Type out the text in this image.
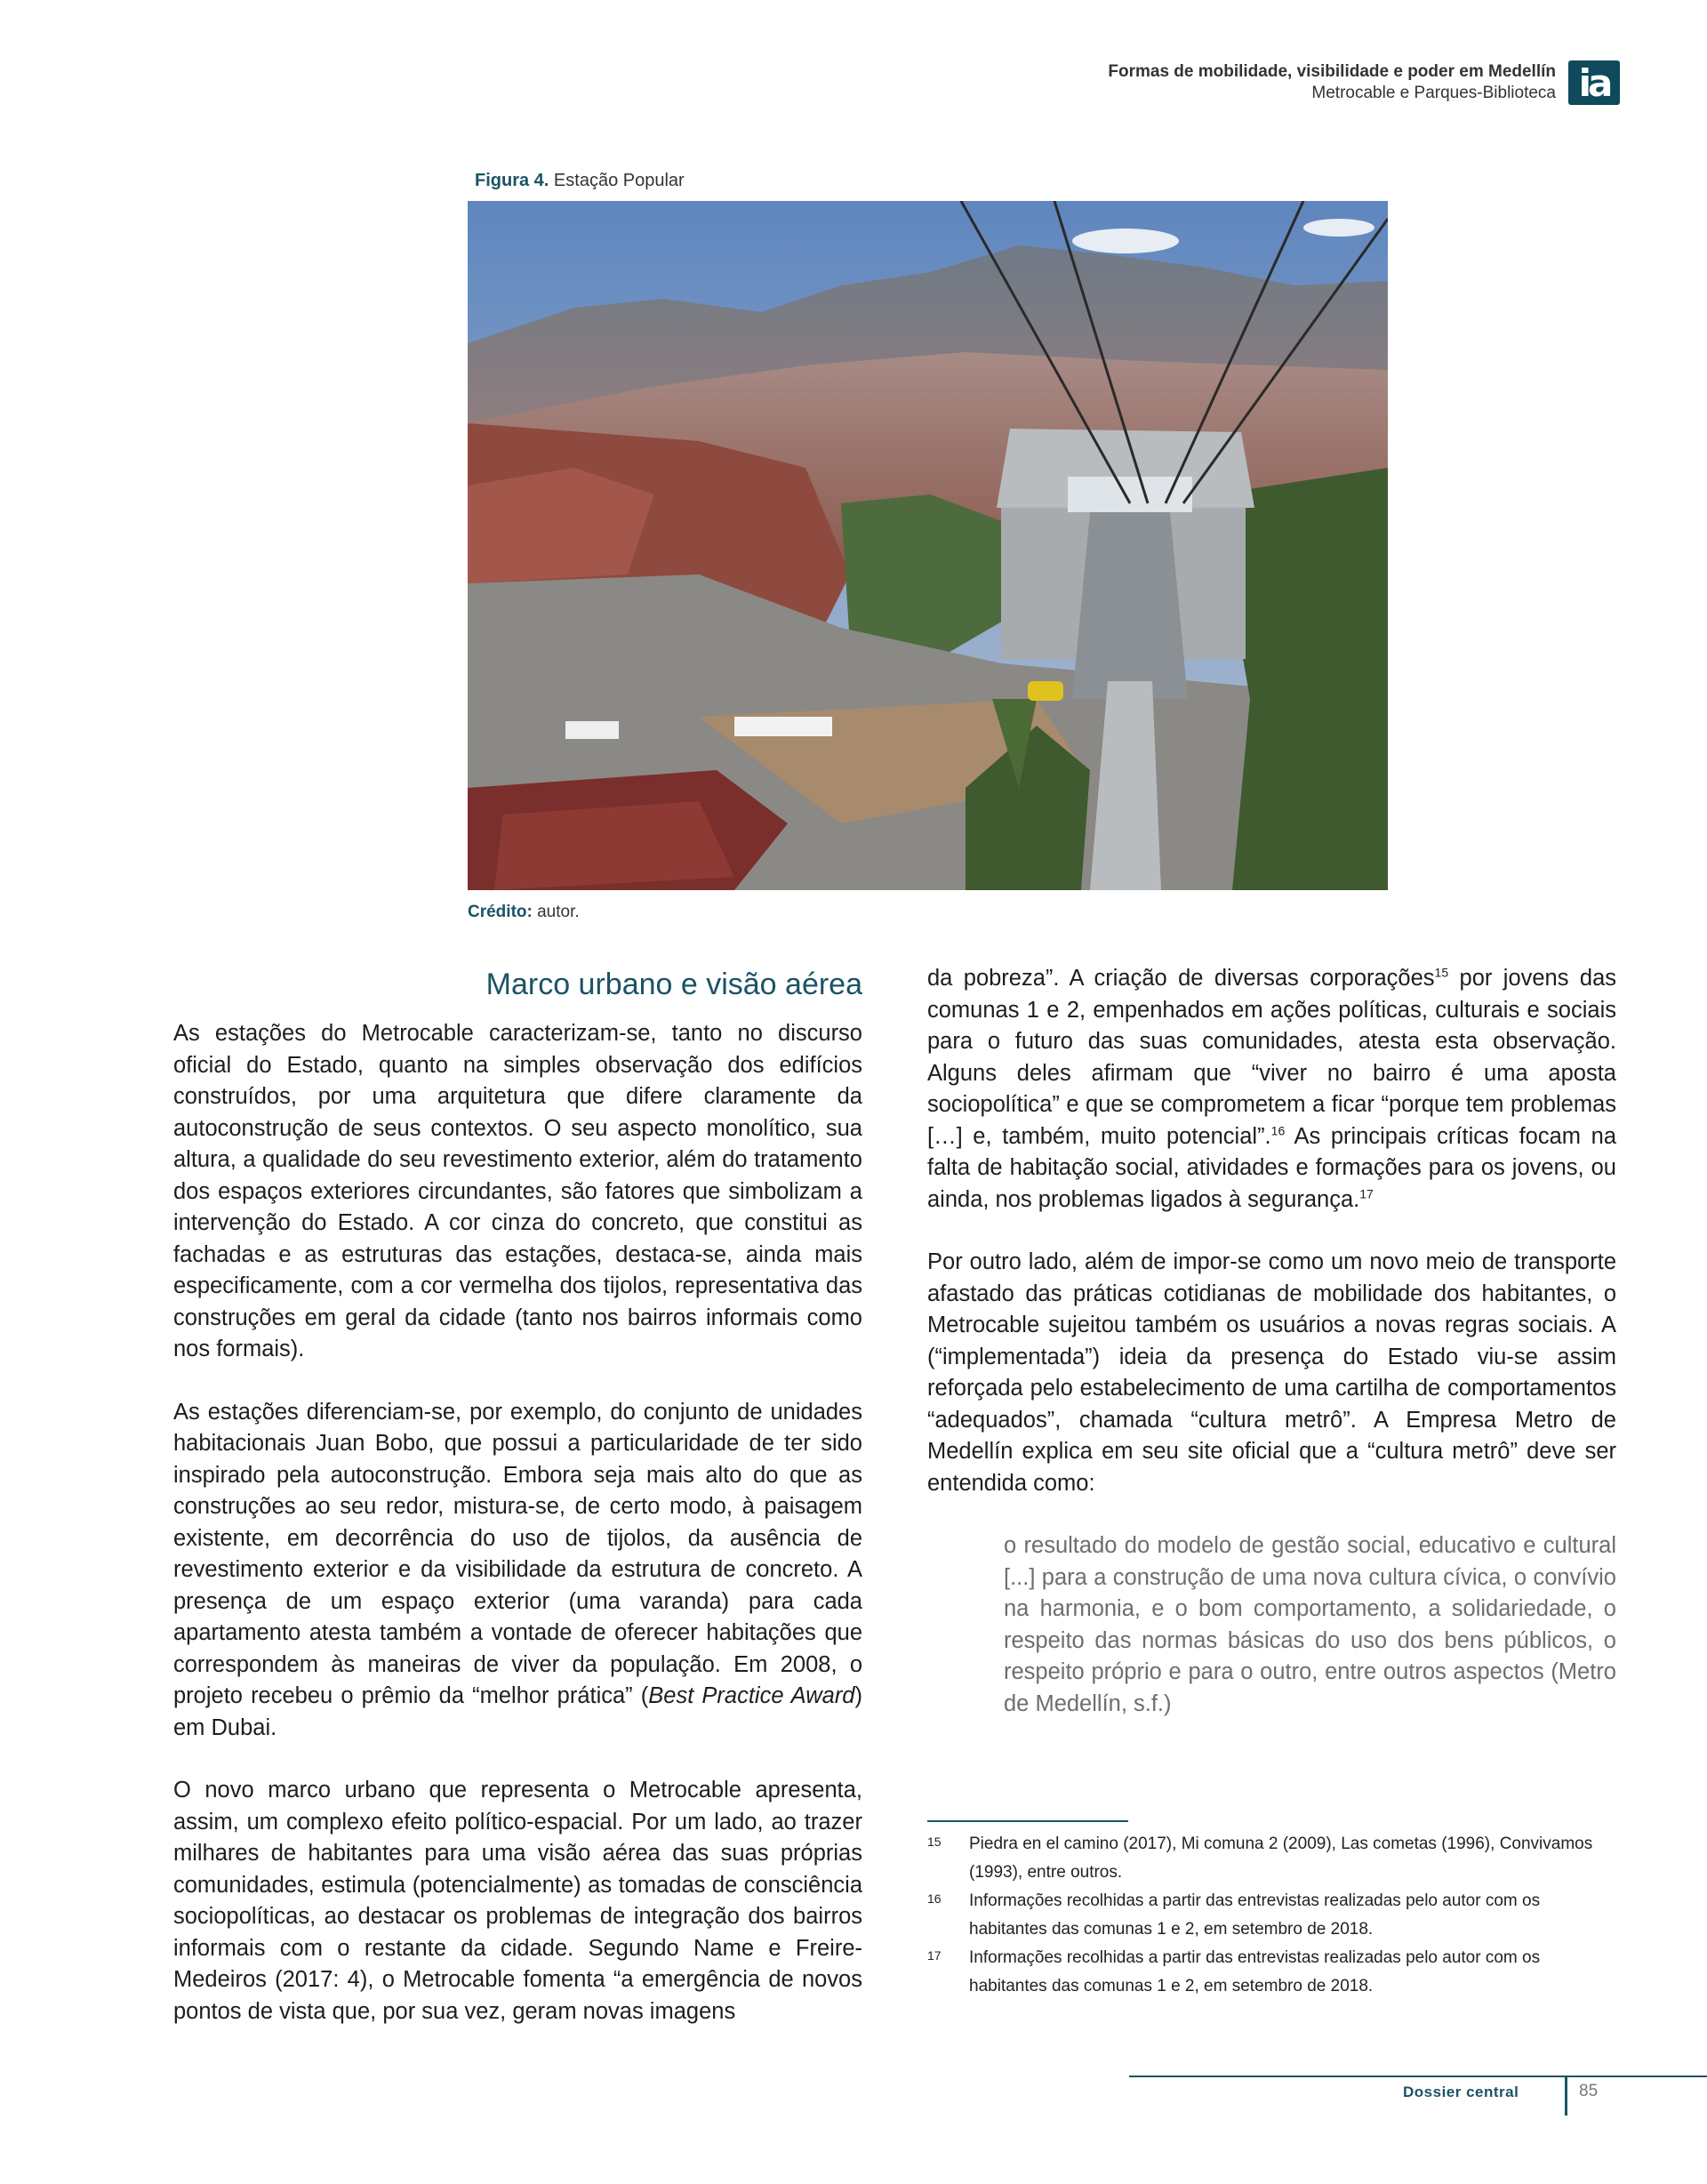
Formas de mobilidade, visibilidade e poder em Medellín
Metrocable e Parques-Biblioteca ia
Figura 4. Estação Popular
Crédito: autor.
Marco urbano e visão aérea

As estações do Metrocable caracterizam-se, tanto no discurso oficial do Estado, quanto na simples observação dos edifícios construídos, por uma arquitetura que difere claramente da autoconstrução de seus contextos. O seu aspecto monolítico, sua altura, a qualidade do seu revestimento exterior, além do tratamento dos espaços exteriores circundantes, são fatores que simbolizam a intervenção do Estado. A cor cinza do concreto, que constitui as fachadas e as estruturas das estações, destaca-se, ainda mais especificamente, com a cor vermelha dos tijolos, representativa das construções em geral da cidade (tanto nos bairros informais como nos formais).

As estações diferenciam-se, por exemplo, do conjunto de unidades habitacionais Juan Bobo, que possui a particularidade de ter sido inspirado pela autoconstrução. Embora seja mais alto do que as construções ao seu redor, mistura-se, de certo modo, à paisagem existente, em decorrência do uso de tijolos, da ausência de revestimento exterior e da visibilidade da estrutura de concreto. A presença de um espaço exterior (uma varanda) para cada apartamento atesta também a vontade de oferecer habitações que correspondem às maneiras de viver da população. Em 2008, o projeto recebeu o prêmio da “melhor prática” (Best Practice Award) em Dubai.

O novo marco urbano que representa o Metrocable apresenta, assim, um complexo efeito político-espacial. Por um lado, ao trazer milhares de habitantes para uma visão aérea das suas próprias comunidades, estimula (potencialmente) as tomadas de consciência sociopolíticas, ao destacar os problemas de integração dos bairros informais com o restante da cidade. Segundo Name e Freire-Medeiros (2017: 4), o Metrocable fomenta “a emergência de novos pontos de vista que, por sua vez, geram novas imagens

da pobreza”. A criação de diversas corporações$^{15}$ por jovens das comunas 1 e 2, empenhados em ações políticas, culturais e sociais para o futuro das suas comunidades, atesta esta observação. Alguns deles afirmam que “viver no bairro é uma aposta sociopolítica” e que se comprometem a ficar “porque tem problemas […] e, também, muito potencial”.$^{16}$ As principais críticas focam na falta de habitação social, atividades e formações para os jovens, ou ainda, nos problemas ligados à segurança.$^{17}$

Por outro lado, além de impor-se como um novo meio de transporte afastado das práticas cotidianas de mobilidade dos habitantes, o Metrocable sujeitou também os usuários a novas regras sociais. A (“implementada”) ideia da presença do Estado viu-se assim reforçada pelo estabelecimento de uma cartilha de comportamentos “adequados”, chamada “cultura metrô”. A Empresa Metro de Medellín explica em seu site oficial que a “cultura metrô” deve ser entendida como:

o resultado do modelo de gestão social, educativo e cultural [...] para a construção de uma nova cultura cívica, o convívio na harmonia, e o bom comportamento, a solidariedade, o respeito das normas básicas do uso dos bens públicos, o respeito próprio e para o outro, entre outros aspectos (Metro de Medellín, s.f.)

15	Piedra en el camino (2017), Mi comuna 2 (2009), Las cometas (1996), Convivamos (1993), entre outros.
16	Informações recolhidas a partir das entrevistas realizadas pelo autor com os habitantes das comunas 1 e 2, em setembro de 2018.
17	Informações recolhidas a partir das entrevistas realizadas pelo autor com os habitantes das comunas 1 e 2, em setembro de 2018.
Dossier central	85
